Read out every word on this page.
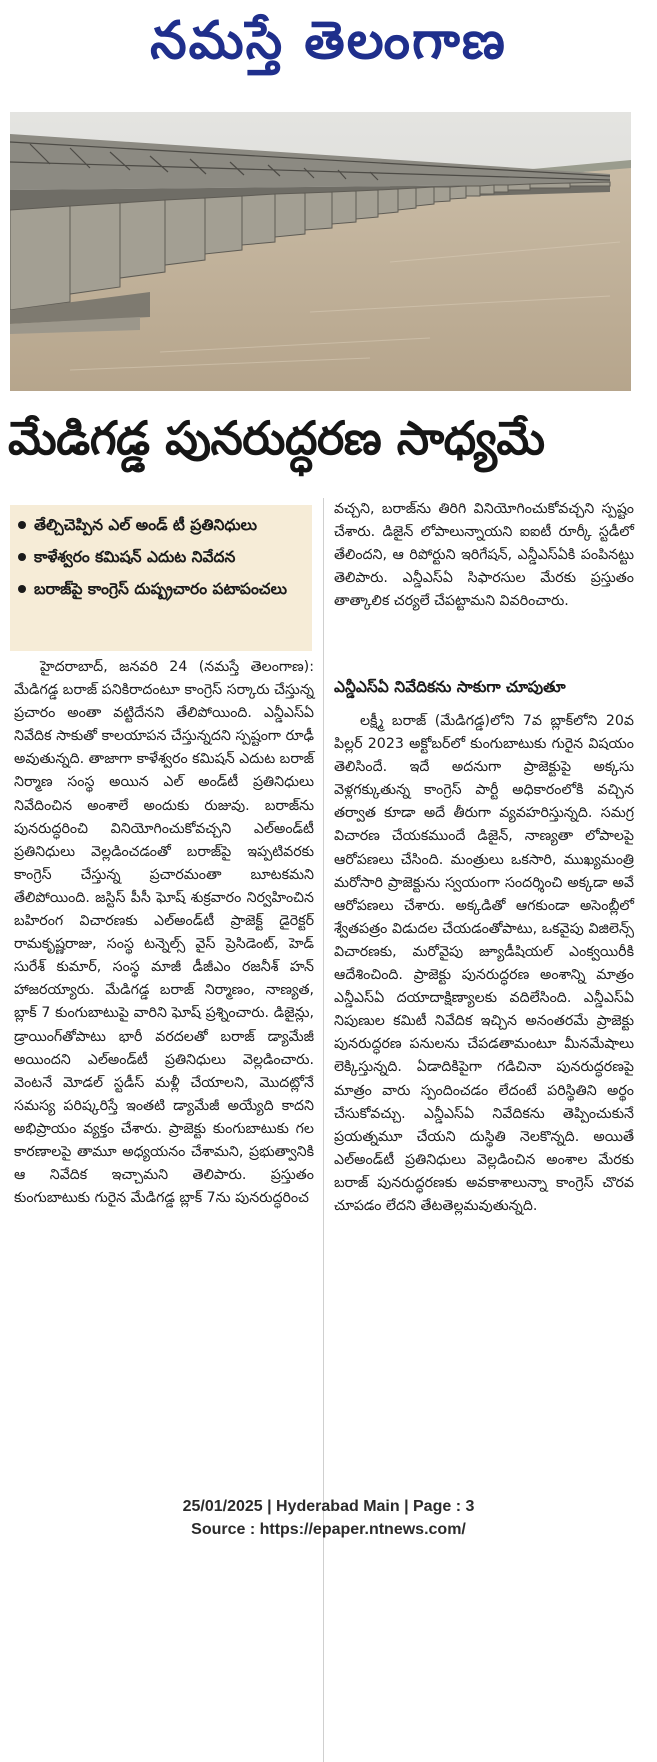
నమస్తే తెలంగాణ
మేడిగడ్డ పునరుద్ధరణ సాధ్యమే
తేల్చిచెప్పిన ఎల్ అండ్ టీ ప్రతినిధులు
కాళేశ్వరం కమిషన్ ఎదుట నివేదన
బరాజ్‌పై కాంగ్రెస్ దుష్ప్రచారం పటాపంచలు
హైదరాబాద్, జనవరి 24 (నమస్తే తెలంగాణ): మేడిగడ్డ బరాజ్ పనికిరాదంటూ కాంగ్రెస్ సర్కారు చేస్తున్న ప్రచారం అంతా వట్టిదేనని తేలిపోయింది. ఎన్డీఎస్ఏ నివేదిక సాకుతో కాలయాపన చేస్తున్నదని స్పష్టంగా రూఢీ అవుతున్నది. తాజాగా కాళేశ్వరం కమిషన్ ఎదుట బరాజ్ నిర్మాణ సంస్థ అయిన ఎల్ అండ్‌టీ ప్రతినిధులు నివేదించిన అంశాలే అందుకు రుజువు. బరాజ్‌ను పునరుద్ధరించి వినియోగించుకోవచ్చని ఎల్అండ్‌టీ ప్రతినిధులు వెల్లడించడంతో బరాజ్‌పై ఇప్పటివరకు కాంగ్రెస్ చేస్తున్న ప్రచారమంతా బూటకమని తేలిపోయింది. జస్టిస్ పీసీ ఘోష్ శుక్రవారం నిర్వహించిన బహిరంగ విచారణకు ఎల్అండ్‌టీ ప్రాజెక్ట్ డైరెక్టర్ రామకృష్ణరాజు, సంస్థ టన్నెల్స్ వైస్ ప్రెసిడెంట్, హెడ్ సురేశ్ కుమార్, సంస్థ మాజీ డీజీఎం రజనీశ్ హన్ హాజరయ్యారు. మేడిగడ్డ బరాజ్ నిర్మాణం, నాణ్యత, బ్లాక్ 7 కుంగుబాటుపై వారిని ఘోష్ ప్రశ్నించారు. డిజైన్లు, డ్రాయింగ్‌తోపాటు భారీ వరదలతో బరాజ్ డ్యామేజీ అయిందని ఎల్అండ్‌టీ ప్రతినిధులు వెల్లడించారు. వెంటనే మోడల్ స్టడీస్ మళ్లీ చేయాలని, మొదట్లోనే సమస్య పరిష్కరిస్తే ఇంతటి డ్యామేజీ అయ్యేది కాదని అభిప్రాయం వ్యక్తం చేశారు. ప్రాజెక్టు కుంగుబాటుకు గల కారణాలపై తామూ అధ్యయనం చేశామని, ప్రభుత్వానికి ఆ నివేదిక ఇచ్చామని తెలిపారు. ప్రస్తుతం కుంగుబాటుకు గురైన మేడిగడ్డ బ్లాక్ 7ను పునరుద్ధరించ
వచ్చని, బరాజ్‌ను తిరిగి వినియోగించుకోవచ్చని స్పష్టం చేశారు. డిజైన్ లోపాలున్నాయని ఐఐటీ రూర్కీ స్టడీలో తేలిందని, ఆ రిపోర్టుని ఇరిగేషన్, ఎన్డీఎస్ఏకి పంపినట్టు తెలిపారు. ఎన్డీఎస్ఏ సిఫారసుల మేరకు ప్రస్తుతం తాత్కాలిక చర్యలే చేపట్టామని వివరించారు.
ఎన్డీఎస్ఏ నివేదికను సాకుగా చూపుతూ
లక్ష్మీ బరాజ్ (మేడిగడ్డ)లోని 7వ బ్లాక్‌లోని 20వ పిల్లర్ 2023 అక్టోబర్‌లో కుంగుబాటుకు గురైన విషయం తెలిసిందే. ఇదే అదనుగా ప్రాజెక్టుపై అక్కసు వెళ్లగక్కుతున్న కాంగ్రెస్ పార్టీ అధికారంలోకి వచ్చిన తర్వాత కూడా అదే తీరుగా వ్యవహరిస్తున్నది. సమగ్ర విచారణ చేయకముందే డిజైన్, నాణ్యతా లోపాలపై ఆరోపణలు చేసింది. మంత్రులు ఒకసారి, ముఖ్యమంత్రి మరోసారి ప్రాజెక్టును స్వయంగా సందర్శించి అక్కడా అవే ఆరోపణలు చేశారు. అక్కడితో ఆగకుండా అసెంబ్లీలో శ్వేతపత్రం విడుదల చేయడంతోపాటు, ఒకవైపు విజిలెన్స్ విచారణకు, మరోవైపు జ్యూడీషియల్ ఎంక్వయిరీకి ఆదేశించింది. ప్రాజెక్టు పునరుద్ధరణ అంశాన్ని మాత్రం ఎన్డీఎస్ఏ దయాదాక్షిణ్యాలకు వదిలేసింది. ఎన్డీఎస్ఏ నిపుణుల కమిటీ నివేదిక ఇచ్చిన అనంతరమే ప్రాజెక్టు పునరుద్ధరణ పనులను చేపడతామంటూ మీనమేషాలు లెక్కిస్తున్నది. ఏడాదికిపైగా గడిచినా పునరుద్ధరణపై మాత్రం వారు స్పందించడం లేదంటే పరిస్థితిని అర్థం చేసుకోవచ్చు. ఎన్డీఎస్ఏ నివేదికను తెప్పించుకునే ప్రయత్నమూ చేయని దుస్థితి నెలకొన్నది. అయితే ఎల్అండ్‌టీ ప్రతినిధులు వెల్లడించిన అంశాల మేరకు బరాజ్ పునరుద్ధరణకు అవకాశాలున్నా కాంగ్రెస్ చొరవ చూపడం లేదని తేటతెల్లమవుతున్నది.
25/01/2025 | Hyderabad Main | Page : 3
Source : https://epaper.ntnews.com/
